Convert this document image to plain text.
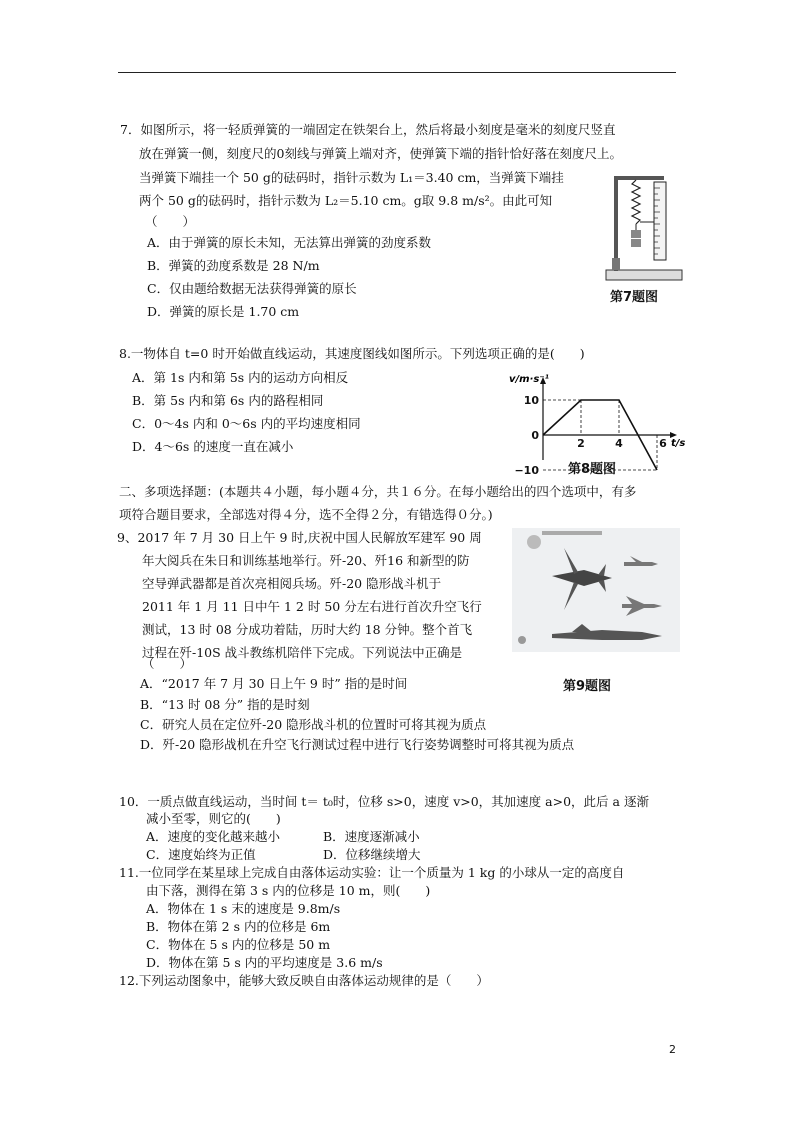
7．如图所示，将一轻质弹簧的一端固定在铁架台上，然后将最小刻度是毫米的刻度尺竖直
放在弹簧一侧，刻度尺的0刻线与弹簧上端对齐，使弹簧下端的指针恰好落在刻度尺上。
当弹簧下端挂一个 50 g的砝码时，指针示数为 L₁＝3.40 cm，当弹簧下端挂
两个 50 g的砝码时，指针示数为 L₂＝5.10 cm。g取 9.8 m/s²。由此可知
（　　）
A．由于弹簧的原长未知，无法算出弹簧的劲度系数
B．弹簧的劲度系数是 28 N/m
C．仅由题给数据无法获得弹簧的原长
D．弹簧的原长是 1.70 cm
第7题图
8.一物体自 t=0 时开始做直线运动，其速度图线如图所示。下列选项正确的是(　　)
A．第 1s 内和第 5s 内的运动方向相反
B．第 5s 内和第 6s 内的路程相同
C．0～4s 内和 0～6s 内的平均速度相同
D．4～6s 的速度一直在减小
10
0
−10
2	4	6
v/m·s⁻¹
t/s
第8题图
二、多项选择题：(本题共４小题，每小题４分，共１６分。在每小题给出的四个选项中，有多
项符合题目要求，全部选对得４分，选不全得２分，有错选得０分。)
9、2017 年 7 月 30 日上午 9 时,庆祝中国人民解放军建军 90 周
年大阅兵在朱日和训练基地举行。歼-20、歼16 和新型的防
空导弹武器都是首次亮相阅兵场。歼-20 隐形战斗机于
2011 年 1 月 11 日中午 1 2 时 50 分左右进行首次升空飞行
测试，13 时 08 分成功着陆，历时大约 18 分钟。整个首飞
过程在歼-10S 战斗教练机陪伴下完成。下列说法中正确是
（　　）
第9题图
A．“2017 年 7 月 30 日上午 9 时” 指的是时间
B．“13 时 08 分” 指的是时刻
C．研究人员在定位歼-20 隐形战斗机的位置时可将其视为质点
D．歼-20 隐形战机在升空飞行测试过程中进行飞行姿势调整时可将其视为质点
10．一质点做直线运动，当时间 t＝ t₀时，位移 s>0，速度 v>0，其加速度 a>0，此后 a 逐渐
减小至零，则它的(　　)
A．速度的变化越来越小	B．速度逐渐减小
C．速度始终为正值	D．位移继续增大
11.一位同学在某星球上完成自由落体运动实验：让一个质量为 1 kg 的小球从一定的高度自
由下落，测得在第 3 s 内的位移是 10 m，则(　　)
A．物体在 1 s 末的速度是 9.8m/s
B．物体在第 2 s 内的位移是 6m
C．物体在 5 s 内的位移是 50 m
D．物体在第 5 s 内的平均速度是 3.6 m/s
12.下列运动图象中，能够大致反映自由落体运动规律的是（　　）
2
